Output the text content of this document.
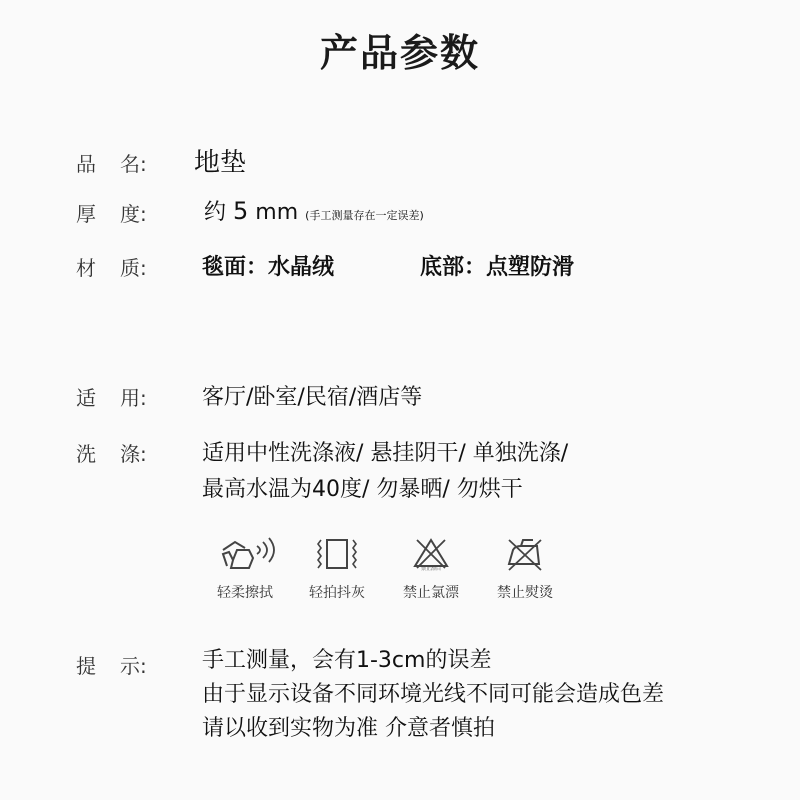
产品参数
品 名: 地垫
厚 度:	约 5 mm (手工测量存在一定误差)
材 质:	毯面：水晶绒	底部：点塑防滑
适 用:	客厅/卧室/民宿/酒店等
洗 涤:	适用中性洗涤液/ 悬挂阴干/ 单独洗涤/
最高水温为40度/ 勿暴晒/ 勿烘干
轻柔擦拭	轻拍抖灰
禁止漂白
禁止氯漂	禁止熨烫
提 示:	手工测量，会有1-3cm的误差
由于显示设备不同环境光线不同可能会造成色差
请以收到实物为准 介意者慎拍
